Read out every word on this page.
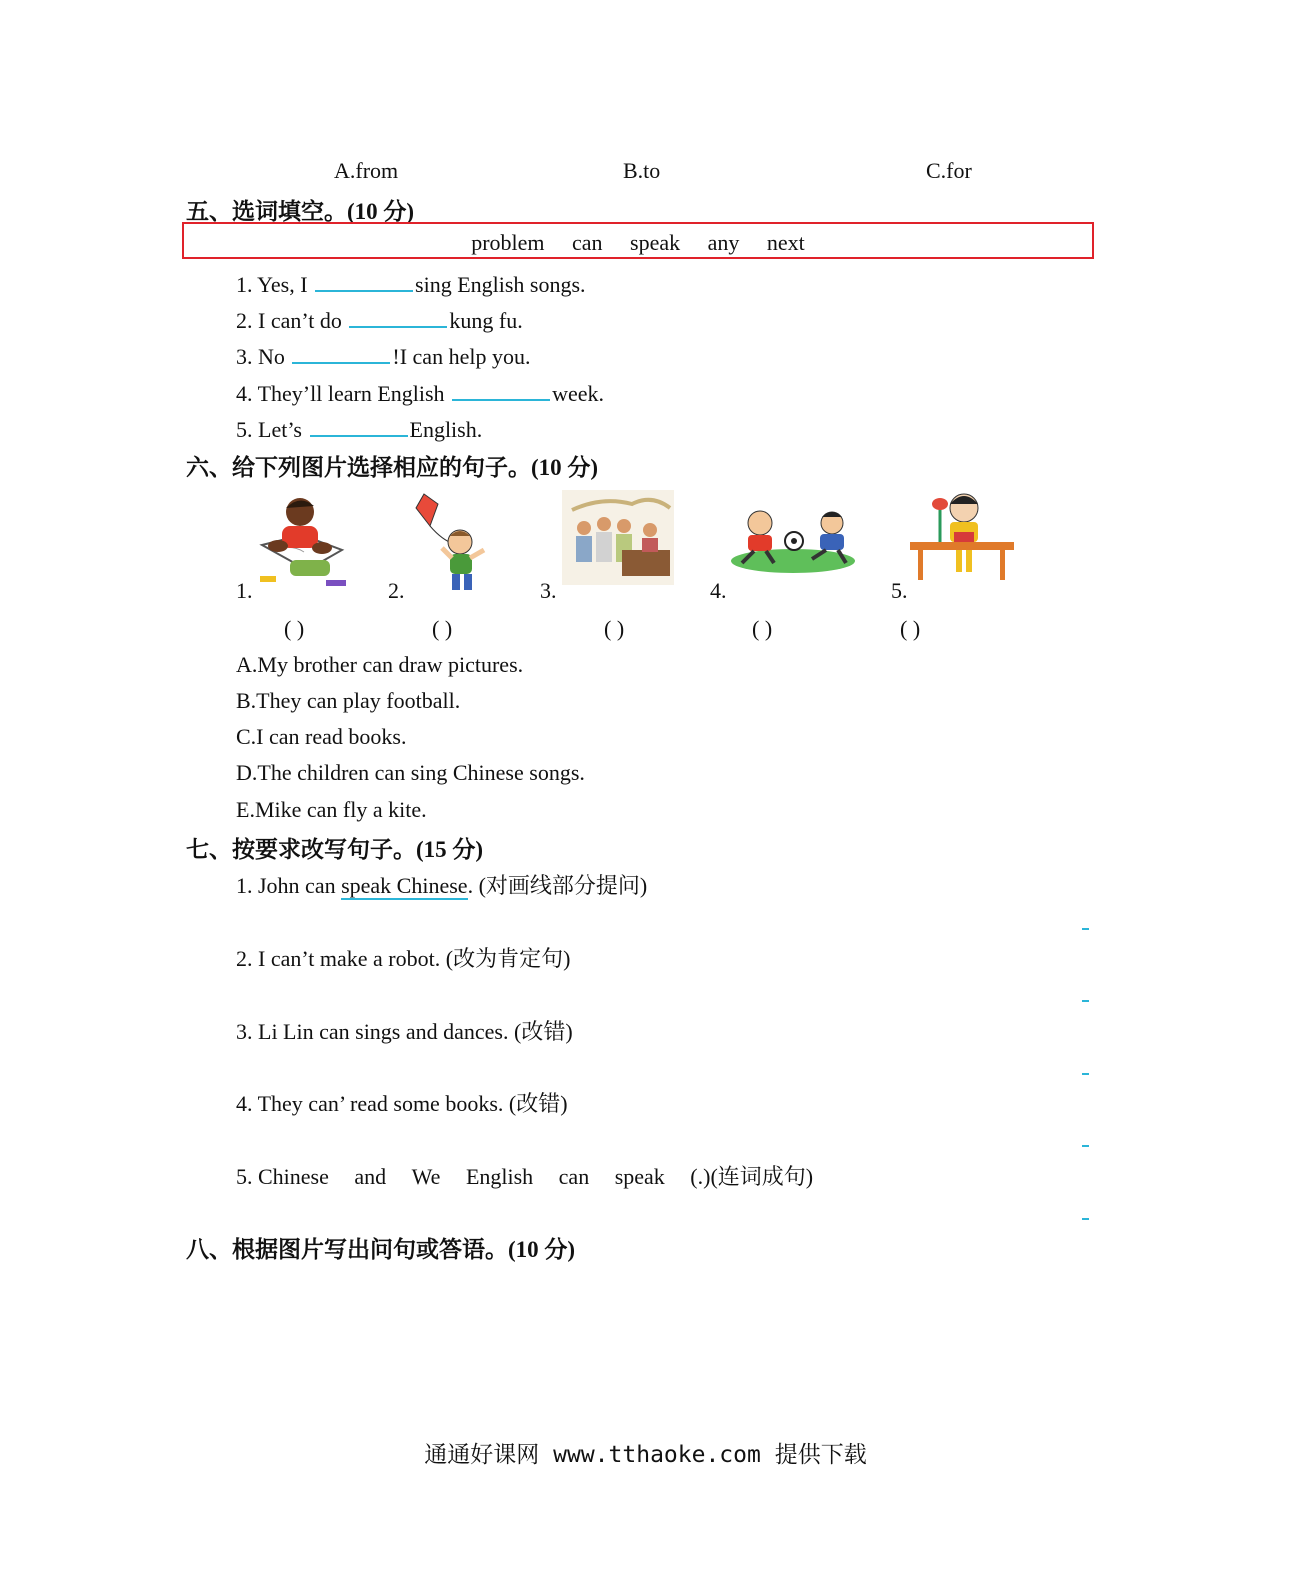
A.from	B.to	C.for
五、选词填空。(10 分)
problem can speak any next
1. Yes, I	sing English songs.
2. I can’t do	kung fu.
3. No	!I can help you.
4. They’ll learn English	week.
5. Let’s	English.
六、给下列图片选择相应的句子。(10 分)
1.	2.	3.	4.	5.
( )	( )	( )	( )	( )
A.My brother can draw pictures.
B.They can play football.
C.I can read books.
D.The children can sing Chinese songs.
E.Mike can fly a kite.
七、按要求改写句子。(15 分)
1. John can speak Chinese. (对画线部分提问)
2. I can’t make a robot. (改为肯定句)
3. Li Lin can sings and dances. (改错)
4. They can’ read some books. (改错)
5. Chinese and We English can speak (.)(连词成句)
八、根据图片写出问句或答语。(10 分)
通通好课网 www.tthaoke.com 提供下载
